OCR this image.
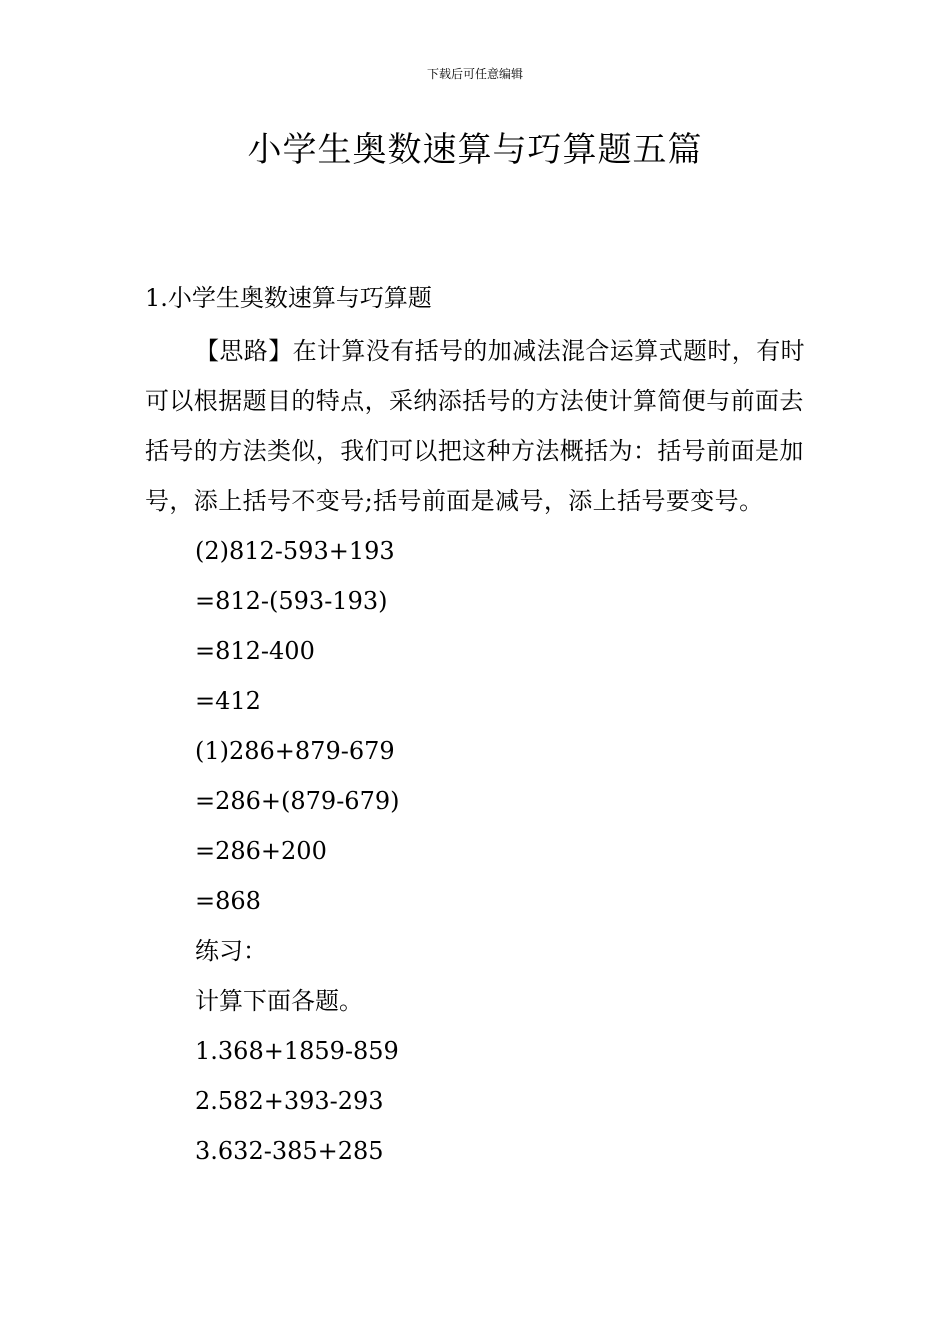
下载后可任意编辑
小学生奥数速算与巧算题五篇

1.小学生奥数速算与巧算题

【思路】在计算没有括号的加减法混合运算式题时，有时可以根据题目的特点，采纳添括号的方法使计算简便与前面去括号的方法类似，我们可以把这种方法概括为：括号前面是加号，添上括号不变号;括号前面是减号，添上括号要变号。

(2)812-593+193
=812-(593-193)
=812-400
=412
(1)286+879-679
=286+(879-679)
=286+200
=868
练习：
计算下面各题。
1.368+1859-859
2.582+393-293
3.632-385+285
